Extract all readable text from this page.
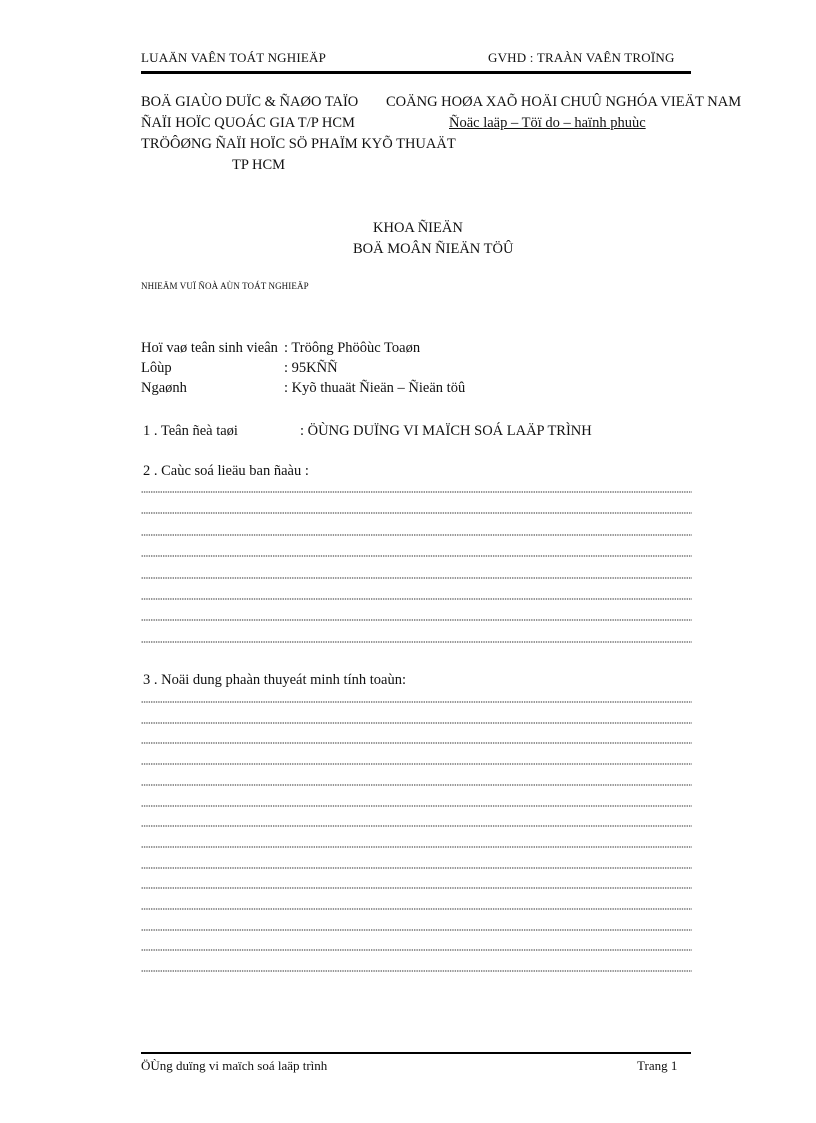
LUAÄN VAÊN TOÁT NGHIEÄP	GVHD : TRAÀN VAÊN TROÏNG
BOÄ GIAÙO DUÏC & ÑAØO TAÏO
ÑAÏI HOÏC QUOÁC GIA T/P HCM
TRÖÔØNG ÑAÏI HOÏC SÖ PHAÏM KYÕ THUAÄT
TP HCM
COÄNG HOØA XAÕ HOÄI CHUÛ NGHÓA VIEÄT NAM
Ñoäc laäp – Töï do – haïnh phuùc
KHOA ÑIEÄN
BOÄ MOÂN ÑIEÄN TÖÛ
NHIEÄM VUÏ ÑOÀ AÙN TOÁT NGHIEÄP
Hoï vaø teân sinh vieân : Tröông Phöôùc Toaøn
Lôùp	: 95KÑÑ
Ngaønh	: Kyõ thuaät Ñieän – Ñieän töû
1 . Teân ñeà taøi	: ÖÙNG DUÏNG VI MAÏCH SOÁ LAÄP TRÌNH
2 . Caùc soá lieäu ban ñaàu :
3 . Noäi dung phaàn thuyeát minh tính toaùn:
ÖÙng duïng vi maïch soá laäp trình	Trang 1
